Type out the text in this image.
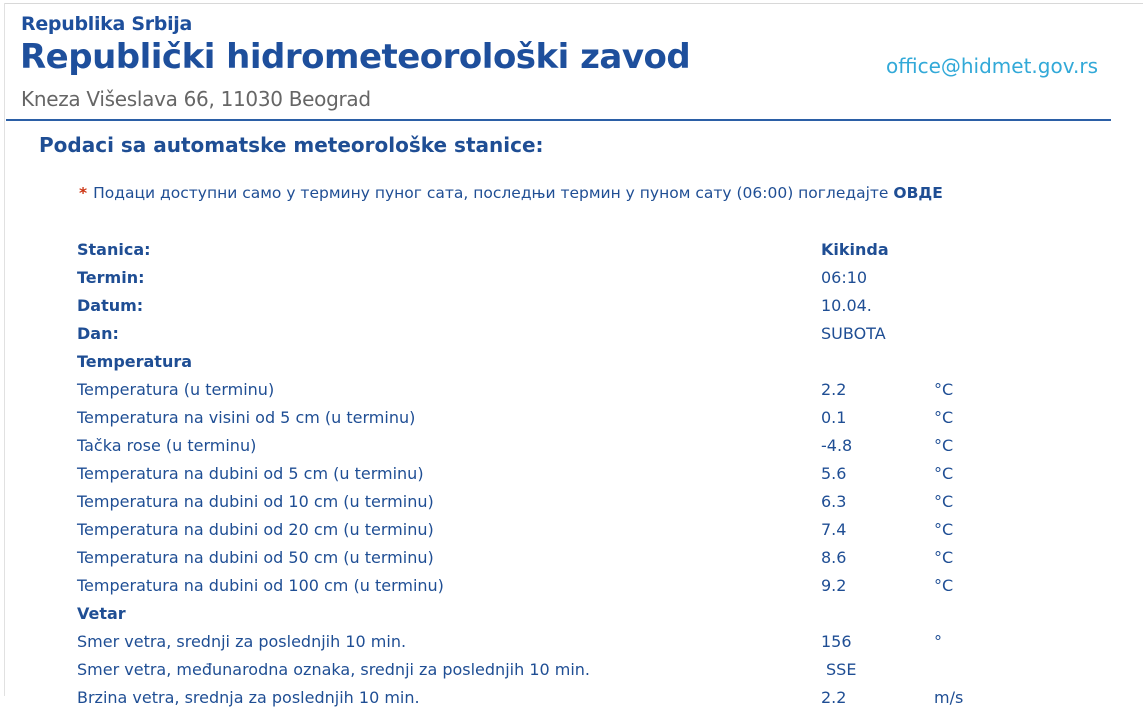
Republika Srbija
Republički hidrometeorološki zavod
Kneza Višeslava 66, 11030 Beograd
office@hidmet.gov.rs
Podaci sa automatske meteorološke stanice:
* Подаци доступни само у термину пуног сата, последњи термин у пуном сату (06:00) погледајте ОВДЕ
Stanica:	Kikinda
Termin:	06:10
Datum:	10.04.
Dan:	SUBOTA
Temperatura
Temperatura (u terminu)	2.2	°C
Temperatura na visini od 5 cm (u terminu)	0.1	°C
Tačka rose (u terminu)	-4.8	°C
Temperatura na dubini od 5 cm (u terminu)	5.6	°C
Temperatura na dubini od 10 cm (u terminu)	6.3	°C
Temperatura na dubini od 20 cm (u terminu)	7.4	°C
Temperatura na dubini od 50 cm (u terminu)	8.6	°C
Temperatura na dubini od 100 cm (u terminu)	9.2	°C
Vetar
Smer vetra, srednji za poslednjih 10 min.	156	°
Smer vetra, međunarodna oznaka, srednji za poslednjih 10 min.	SSE
Brzina vetra, srednja za poslednjih 10 min.	2.2	m/s
